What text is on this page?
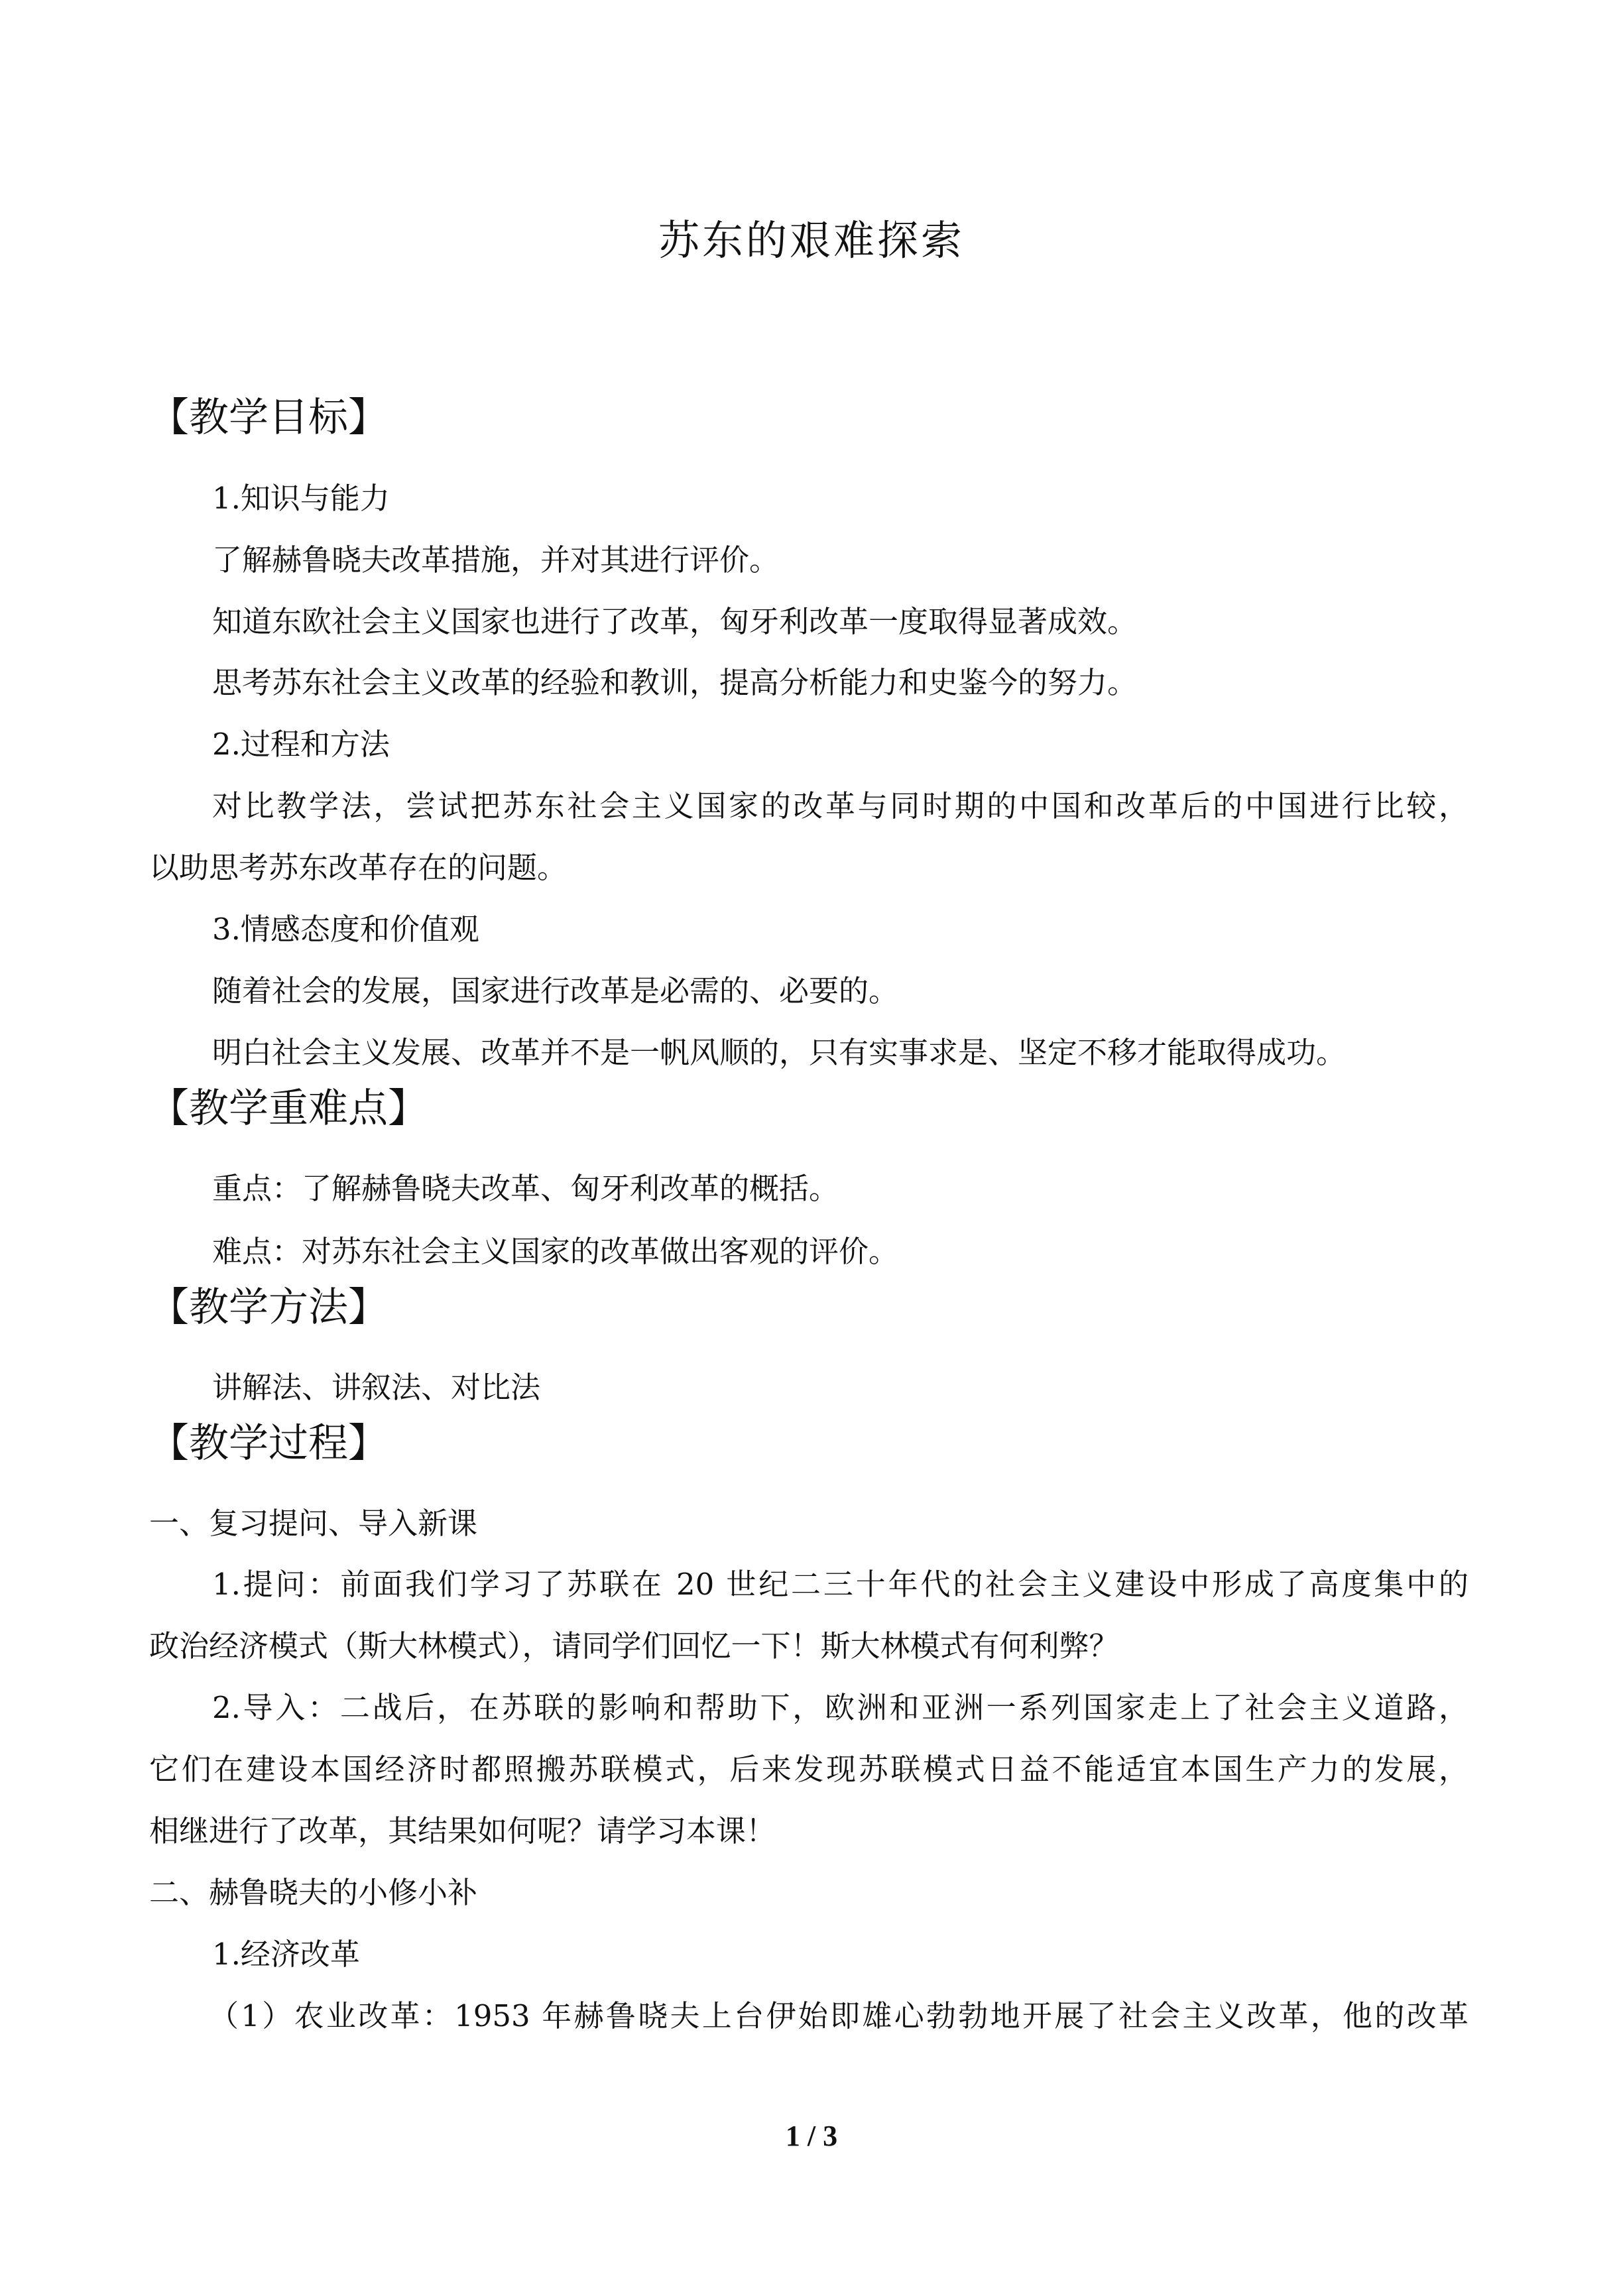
苏东的艰难探索
【教学目标】
1.知识与能力
了解赫鲁晓夫改革措施，并对其进行评价。
知道东欧社会主义国家也进行了改革，匈牙利改革一度取得显著成效。
思考苏东社会主义改革的经验和教训，提高分析能力和史鉴今的努力。
2.过程和方法
对比教学法，尝试把苏东社会主义国家的改革与同时期的中国和改革后的中国进行比较，
以助思考苏东改革存在的问题。
3.情感态度和价值观
随着社会的发展，国家进行改革是必需的、必要的。
明白社会主义发展、改革并不是一帆风顺的，只有实事求是、坚定不移才能取得成功。
【教学重难点】
重点：了解赫鲁晓夫改革、匈牙利改革的概括。
难点：对苏东社会主义国家的改革做出客观的评价。
【教学方法】
讲解法、讲叙法、对比法
【教学过程】
一、复习提问、导入新课
1.提问：前面我们学习了苏联在 20 世纪二三十年代的社会主义建设中形成了高度集中的
政治经济模式（斯大林模式），请同学们回忆一下！斯大林模式有何利弊？
2.导入：二战后，在苏联的影响和帮助下，欧洲和亚洲一系列国家走上了社会主义道路，
它们在建设本国经济时都照搬苏联模式，后来发现苏联模式日益不能适宜本国生产力的发展，
相继进行了改革，其结果如何呢？请学习本课！
二、赫鲁晓夫的小修小补
1.经济改革
（1）农业改革：1953 年赫鲁晓夫上台伊始即雄心勃勃地开展了社会主义改革，他的改革
1 / 3
